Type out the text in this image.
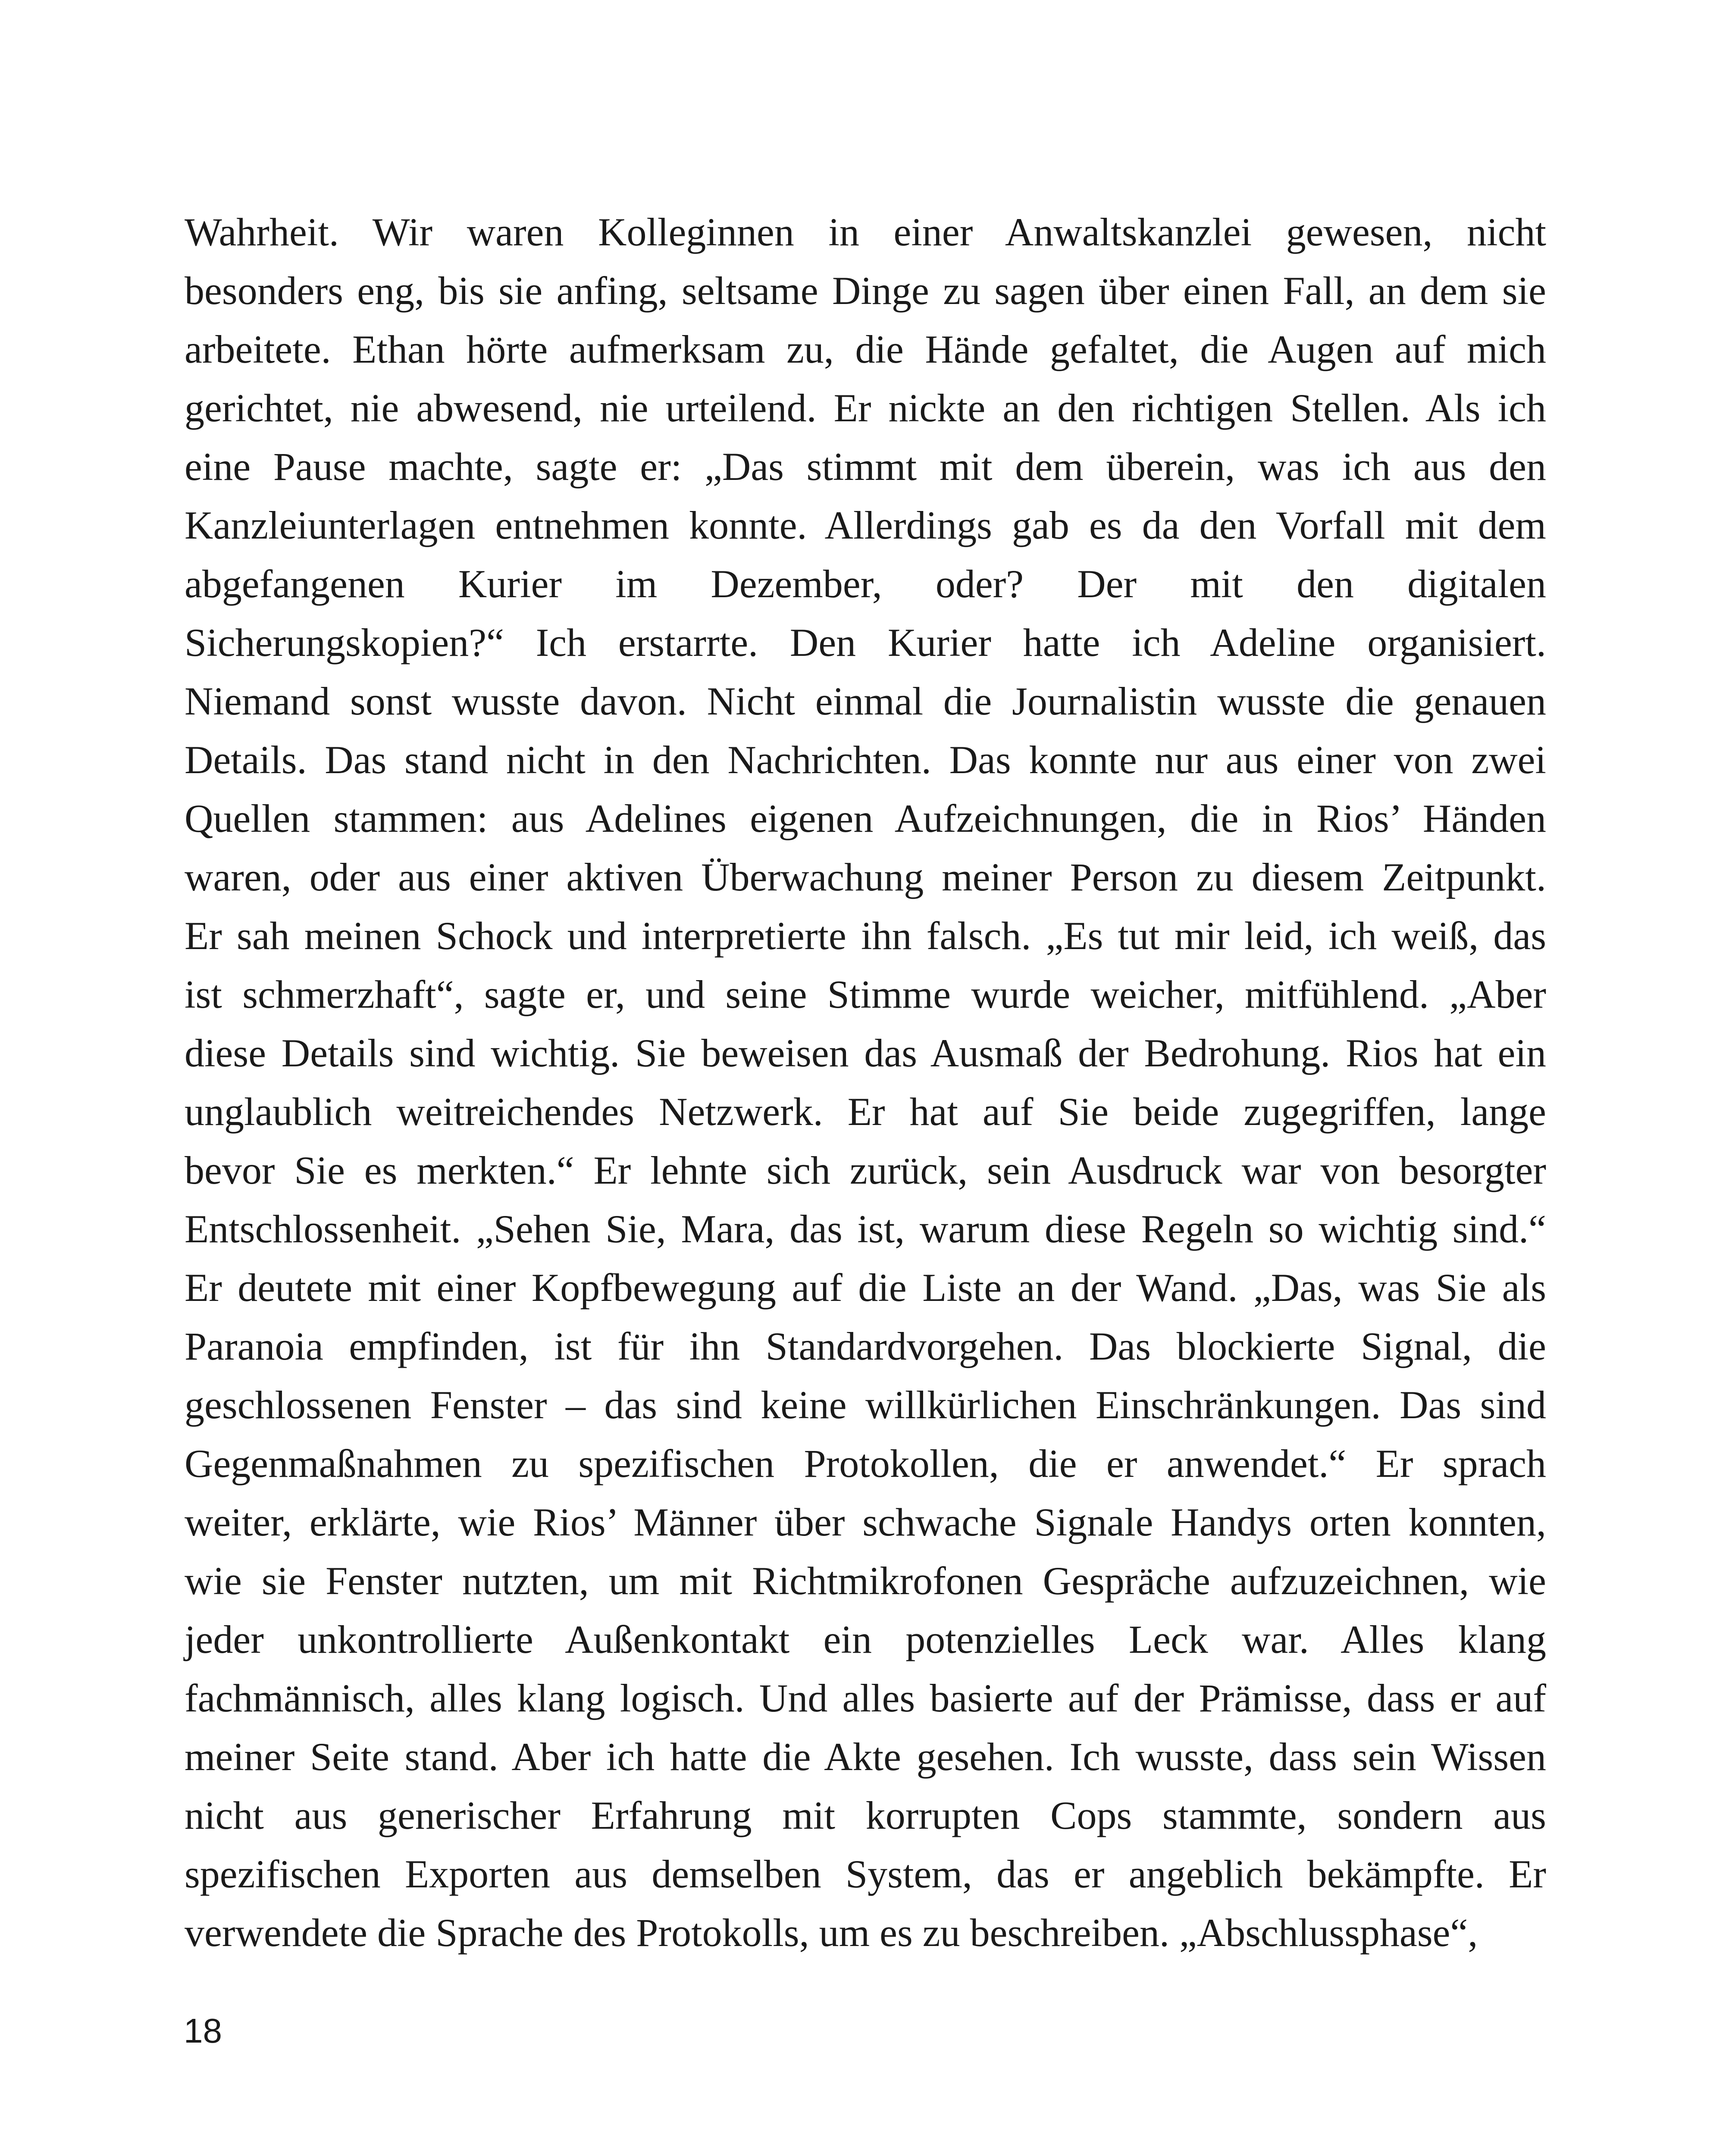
Wahrheit. Wir waren Kolleginnen in einer Anwaltskanzlei gewesen, nicht
besonders eng, bis sie anfing, seltsame Dinge zu sagen über einen Fall, an dem sie
arbeitete. Ethan hörte aufmerksam zu, die Hände gefaltet, die Augen auf mich
gerichtet, nie abwesend, nie urteilend. Er nickte an den richtigen Stellen. Als ich
eine Pause machte, sagte er: „Das stimmt mit dem überein, was ich aus den
Kanzleiunterlagen entnehmen konnte. Allerdings gab es da den Vorfall mit dem
abgefangenen Kurier im Dezember, oder? Der mit den digitalen
Sicherungskopien?“ Ich erstarrte. Den Kurier hatte ich Adeline organisiert.
Niemand sonst wusste davon. Nicht einmal die Journalistin wusste die genauen
Details. Das stand nicht in den Nachrichten. Das konnte nur aus einer von zwei
Quellen stammen: aus Adelines eigenen Aufzeichnungen, die in Rios’ Händen
waren, oder aus einer aktiven Überwachung meiner Person zu diesem Zeitpunkt.
Er sah meinen Schock und interpretierte ihn falsch. „Es tut mir leid, ich weiß, das
ist schmerzhaft“, sagte er, und seine Stimme wurde weicher, mitfühlend. „Aber
diese Details sind wichtig. Sie beweisen das Ausmaß der Bedrohung. Rios hat ein
unglaublich weitreichendes Netzwerk. Er hat auf Sie beide zugegriffen, lange
bevor Sie es merkten.“ Er lehnte sich zurück, sein Ausdruck war von besorgter
Entschlossenheit. „Sehen Sie, Mara, das ist, warum diese Regeln so wichtig sind.“
Er deutete mit einer Kopfbewegung auf die Liste an der Wand. „Das, was Sie als
Paranoia empfinden, ist für ihn Standardvorgehen. Das blockierte Signal, die
geschlossenen Fenster – das sind keine willkürlichen Einschränkungen. Das sind
Gegenmaßnahmen zu spezifischen Protokollen, die er anwendet.“ Er sprach
weiter, erklärte, wie Rios’ Männer über schwache Signale Handys orten konnten,
wie sie Fenster nutzten, um mit Richtmikrofonen Gespräche aufzuzeichnen, wie
jeder unkontrollierte Außenkontakt ein potenzielles Leck war. Alles klang
fachmännisch, alles klang logisch. Und alles basierte auf der Prämisse, dass er auf
meiner Seite stand. Aber ich hatte die Akte gesehen. Ich wusste, dass sein Wissen
nicht aus generischer Erfahrung mit korrupten Cops stammte, sondern aus
spezifischen Exporten aus demselben System, das er angeblich bekämpfte. Er
verwendete die Sprache des Protokolls, um es zu beschreiben. „Abschlussphase“,
18
